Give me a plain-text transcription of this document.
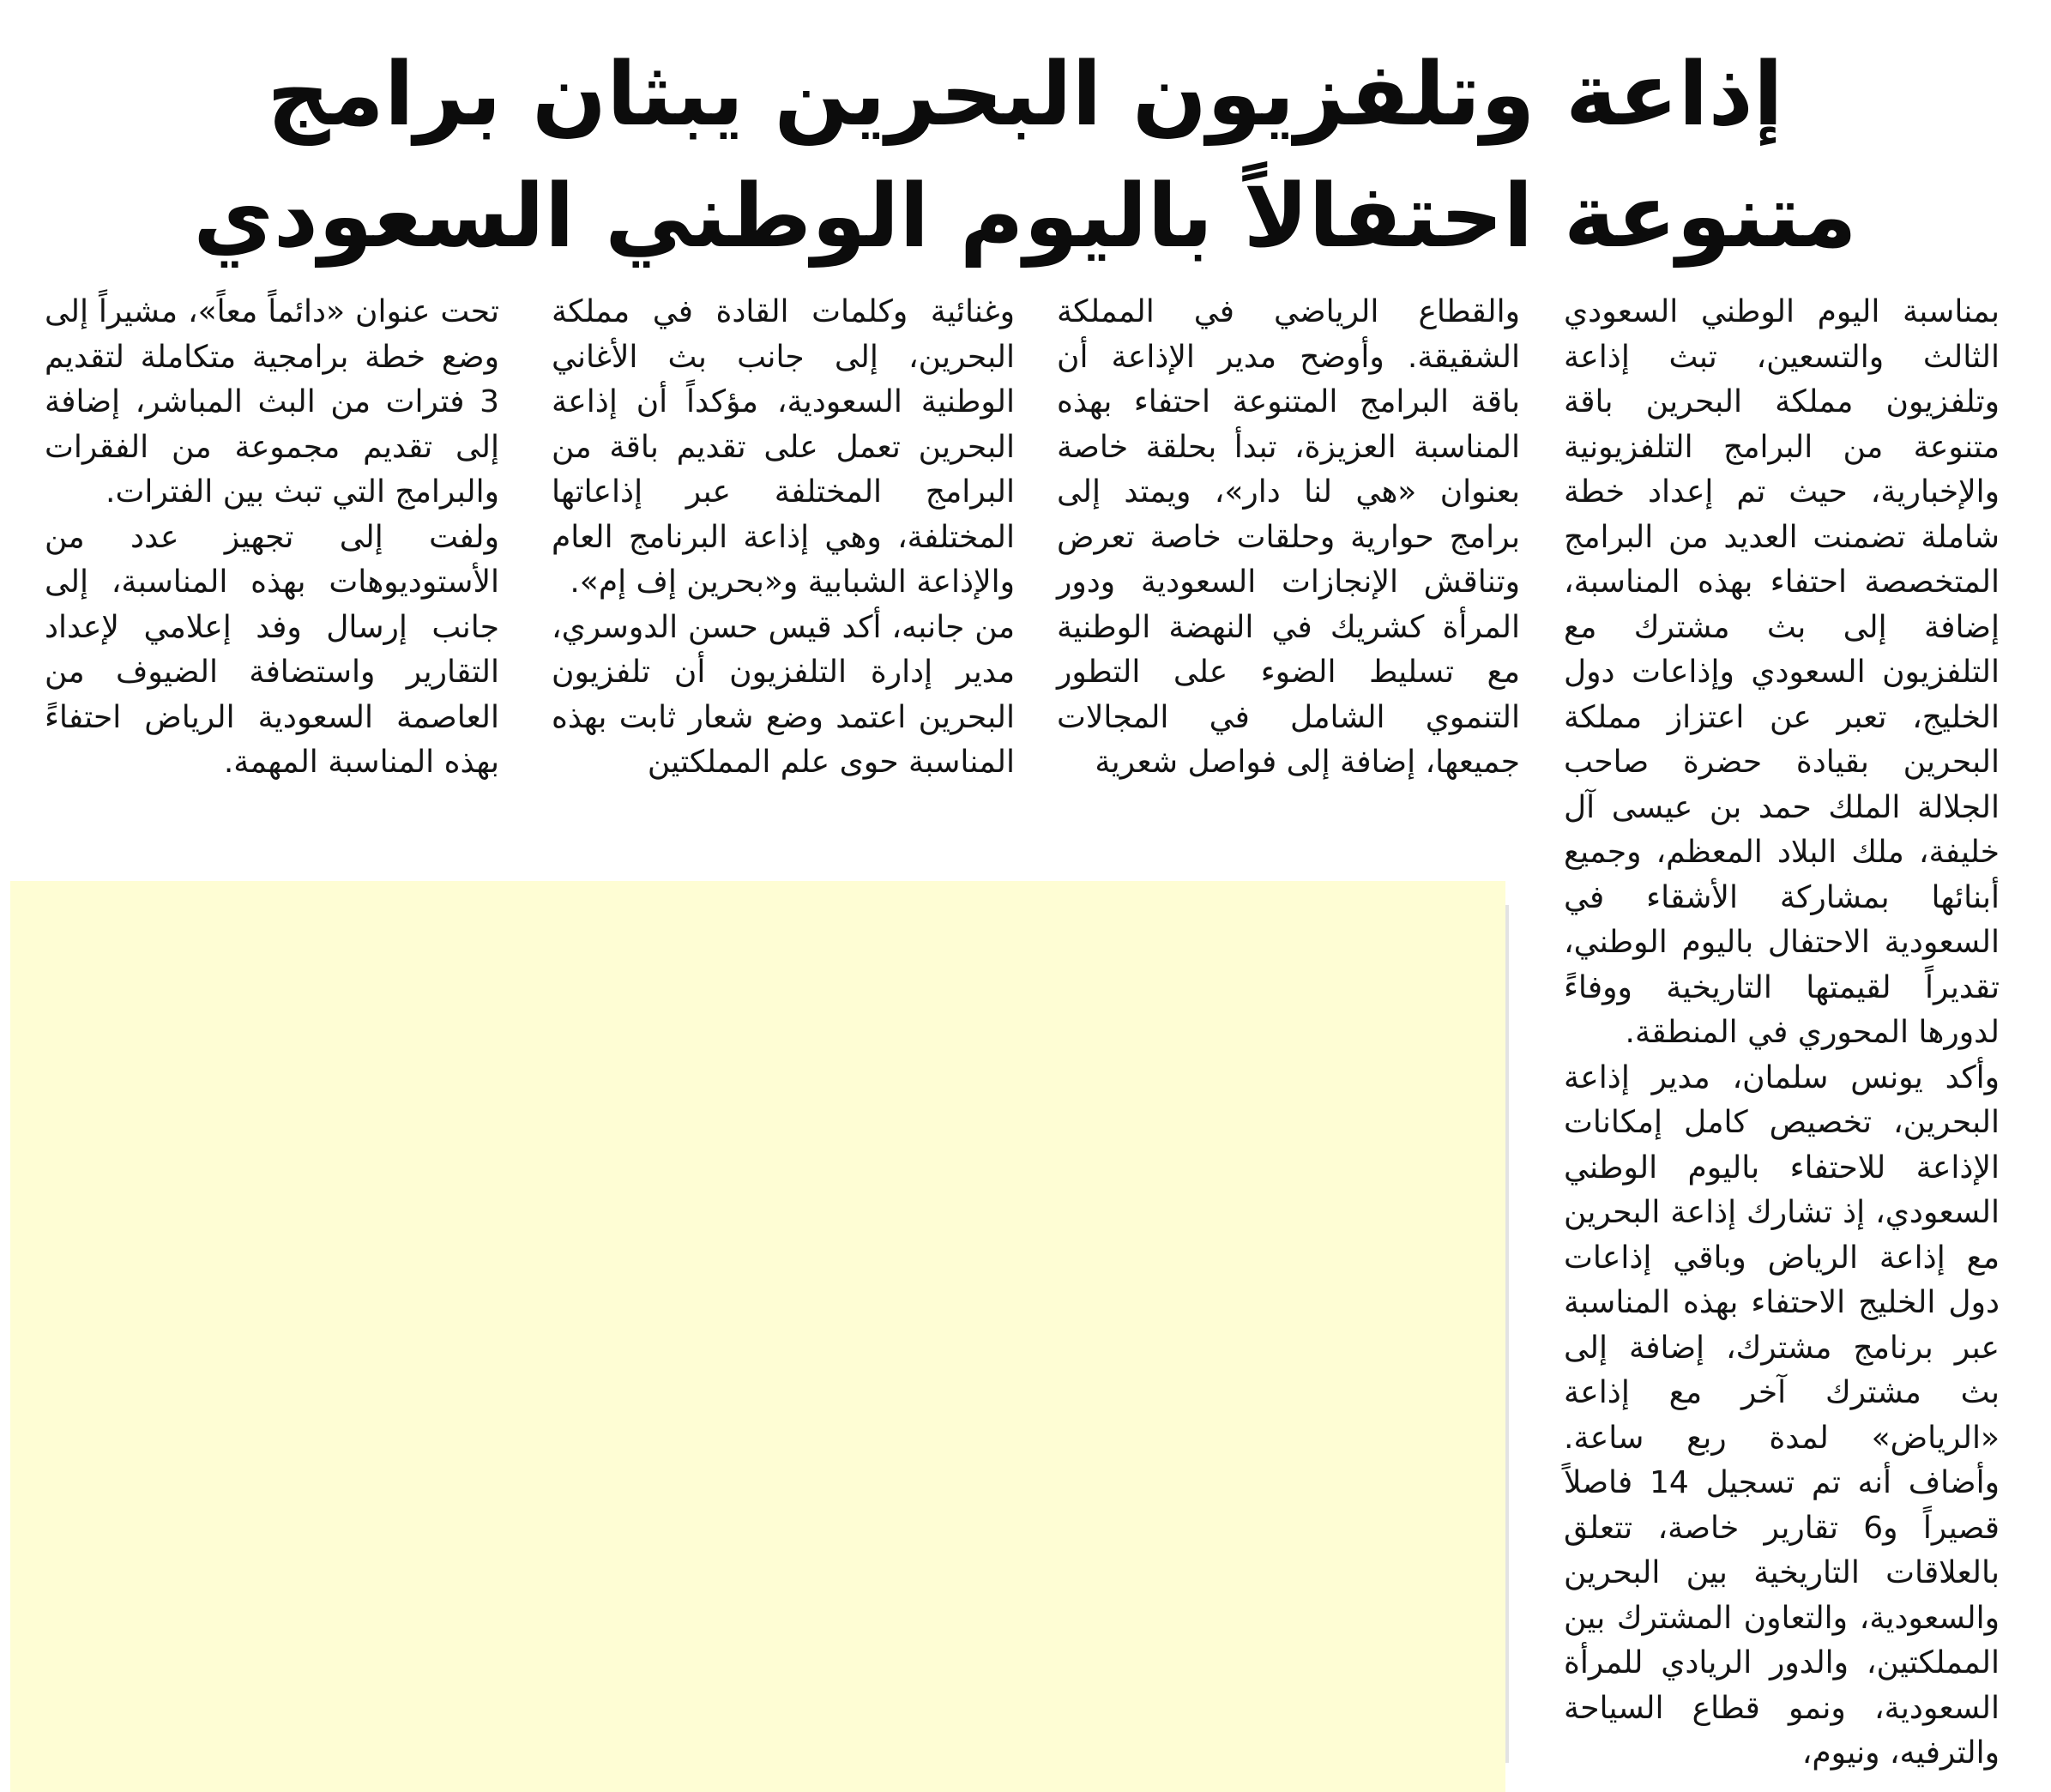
إذاعة وتلفزيون البحرين يبثان برامج
متنوعة احتفالاً باليوم الوطني السعودي

بمناسبة اليوم الوطني السعودي الثالث والتسعين، تبث إذاعة وتلفزيون مملكة البحرين باقة متنوعة من البرامج التلفزيونية والإخبارية، حيث تم إعداد خطة شاملة تضمنت العديد من البرامج المتخصصة احتفاء بهذه المناسبة، إضافة إلى بث مشترك مع التلفزيون السعودي وإذاعات دول الخليج، تعبر عن اعتزاز مملكة البحرين بقيادة حضرة صاحب الجلالة الملك حمد بن عيسى آل خليفة، ملك البلاد المعظم، وجميع أبنائها بمشاركة الأشقاء في السعودية الاحتفال باليوم الوطني، تقديراً لقيمتها التاريخية ووفاءً لدورها المحوري في المنطقة.

وأكد يونس سلمان، مدير إذاعة البحرين، تخصيص كامل إمكانات الإذاعة للاحتفاء باليوم الوطني السعودي، إذ تشارك إذاعة البحرين مع إذاعة الرياض وباقي إذاعات دول الخليج الاحتفاء بهذه المناسبة عبر برنامج مشترك، إضافة إلى بث مشترك آخر مع إذاعة «الرياض» لمدة ربع ساعة. وأضاف أنه تم تسجيل 14 فاصلاً قصيراً و6 تقارير خاصة، تتعلق بالعلاقات التاريخية بين البحرين والسعودية، والتعاون المشترك بين المملكتين، والدور الريادي للمرأة السعودية، ونمو قطاع السياحة والترفيه، ونيوم،

والقطاع الرياضي في المملكة الشقيقة. وأوضح مدير الإذاعة أن باقة البرامج المتنوعة احتفاء بهذه المناسبة العزيزة، تبدأ بحلقة خاصة بعنوان «هي لنا دار»، ويمتد إلى برامج حوارية وحلقات خاصة تعرض وتناقش الإنجازات السعودية ودور المرأة كشريك في النهضة الوطنية مع تسليط الضوء على التطور التنموي الشامل في المجالات جميعها، إضافة إلى فواصل شعرية

وغنائية وكلمات القادة في مملكة البحرين، إلى جانب بث الأغاني الوطنية السعودية، مؤكداً أن إذاعة البحرين تعمل على تقديم باقة من البرامج المختلفة عبر إذاعاتها المختلفة، وهي إذاعة البرنامج العام والإذاعة الشبابية و«بحرين إف إم».

من جانبه، أكد قيس حسن الدوسري، مدير إدارة التلفزيون أن تلفزيون البحرين اعتمد وضع شعار ثابت بهذه المناسبة حوى علم المملكتين

تحت عنوان «دائماً معاً»، مشيراً إلى وضع خطة برامجية متكاملة لتقديم 3 فترات من البث المباشر، إضافة إلى تقديم مجموعة من الفقرات والبرامج التي تبث بين الفترات.

ولفت إلى تجهيز عدد من الأستوديوهات بهذه المناسبة، إلى جانب إرسال وفد إعلامي لإعداد التقارير واستضافة الضيوف من العاصمة السعودية الرياض احتفاءً بهذه المناسبة المهمة.
